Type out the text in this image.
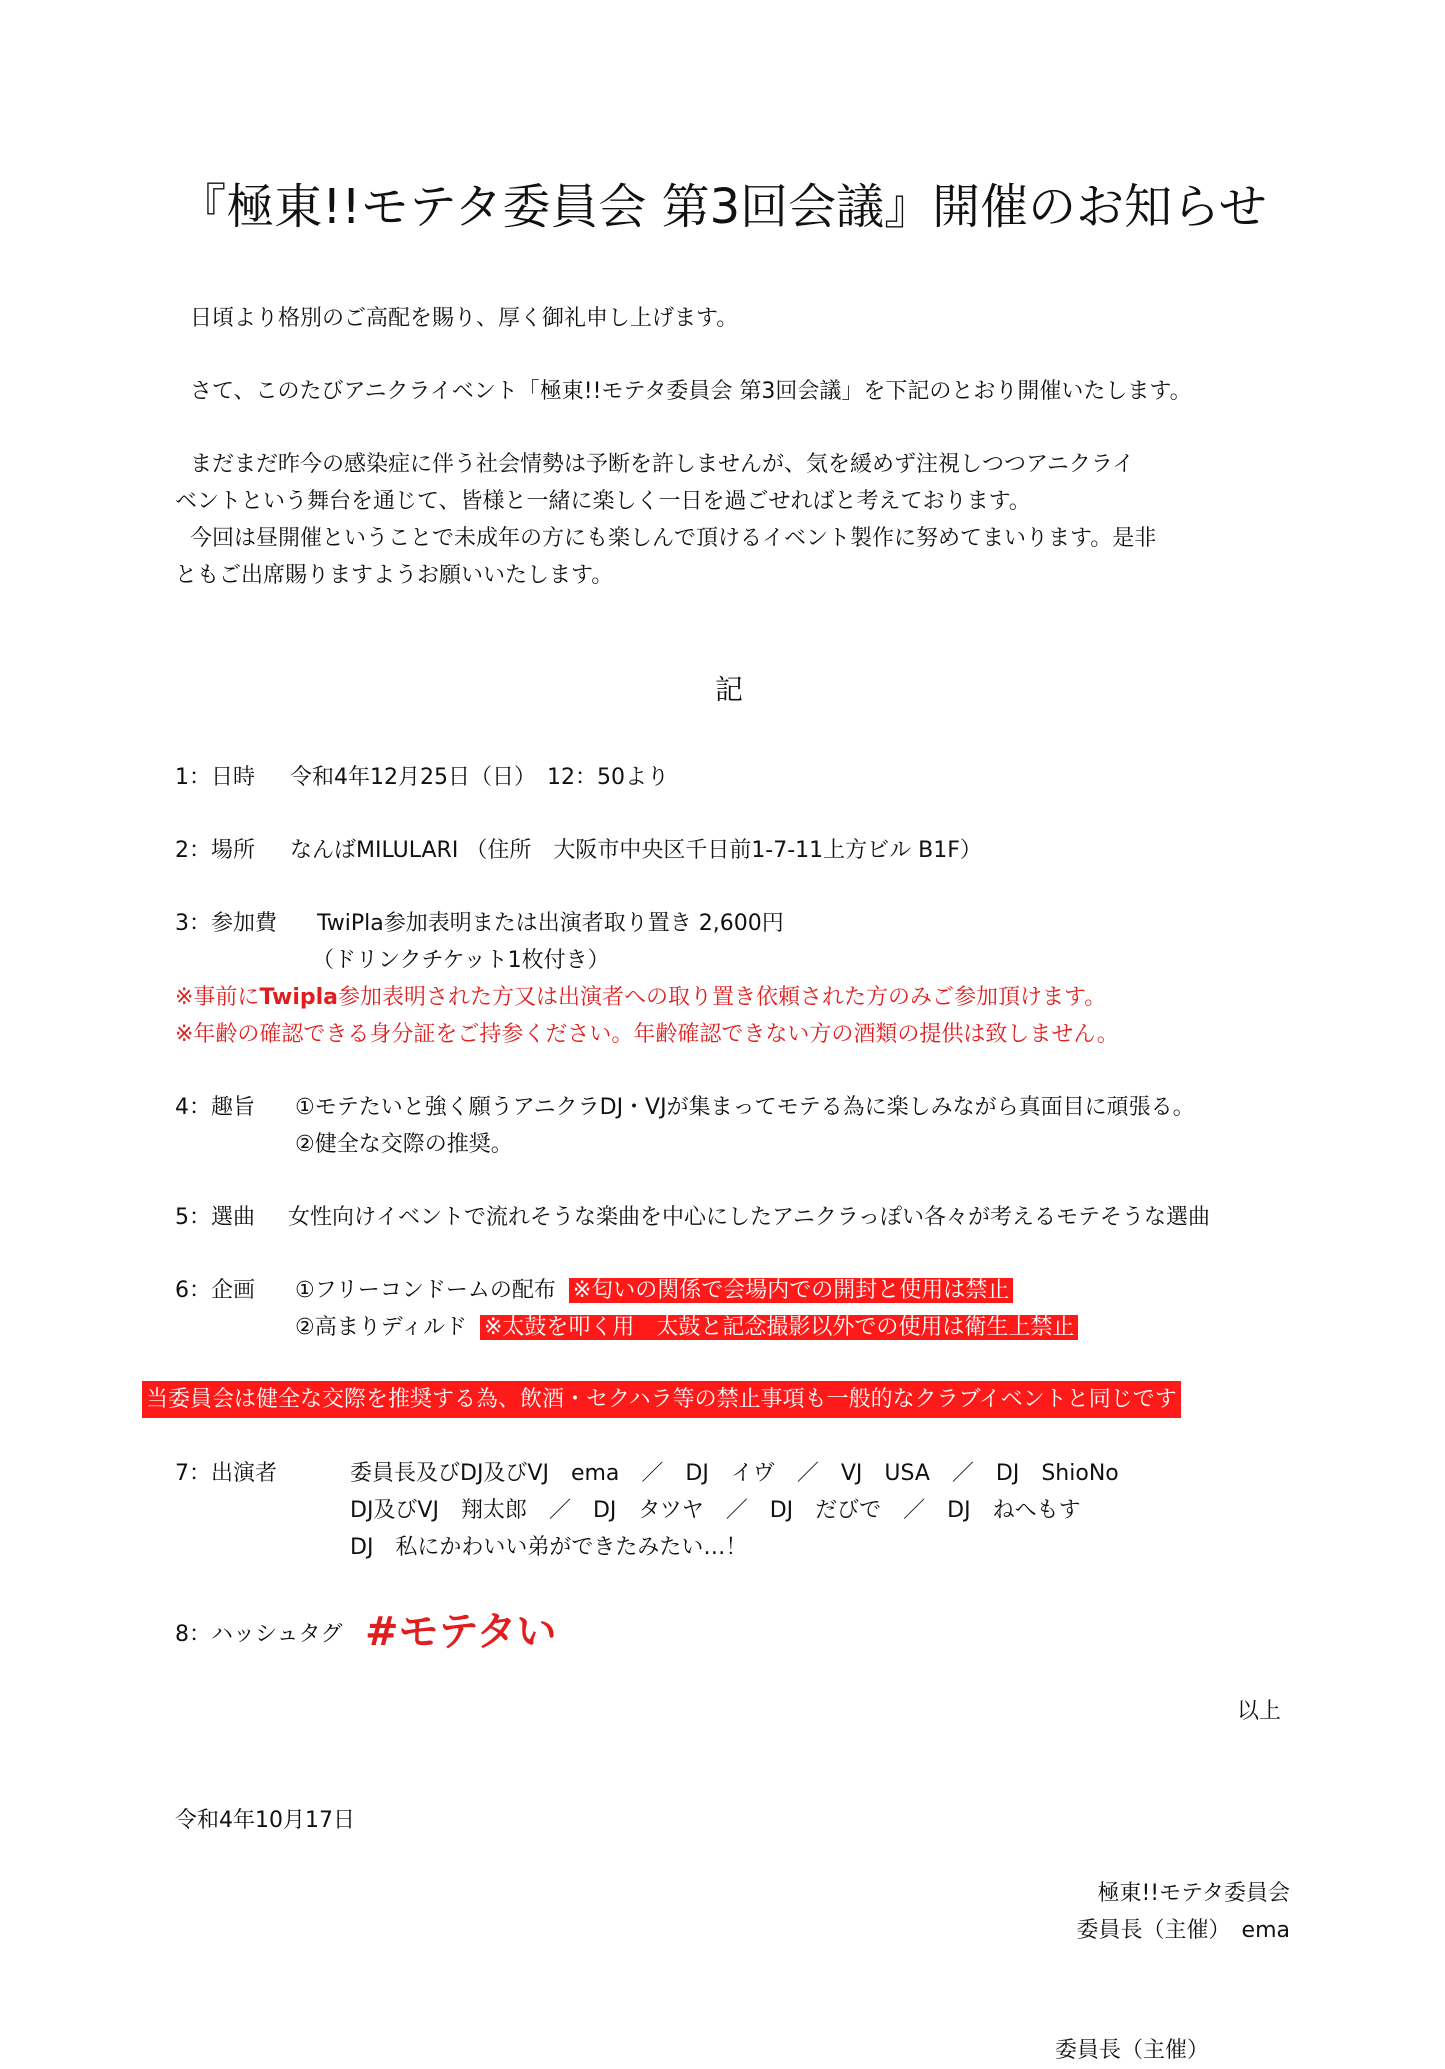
『極東!!モテタ委員会 第3回会議』開催のお知らせ
日頃より格別のご高配を賜り、厚く御礼申し上げます。
さて、このたびアニクライベント「極東!!モテタ委員会 第3回会議」を下記のとおり開催いたします。
まだまだ昨今の感染症に伴う社会情勢は予断を許しませんが、気を緩めず注視しつつアニクライ
ベントという舞台を通じて、皆様と一緒に楽しく一日を過ごせればと考えております。
今回は昼開催ということで未成年の方にも楽しんで頂けるイベント製作に努めてまいります。是非
ともご出席賜りますようお願いいたします。
記
1：日時 令和4年12月25日（日）　12：50より
2：場所 なんばMILULARI （住所　大阪市中央区千日前1-7-11上方ビル B1F）
3：参加費 TwiPla参加表明または出演者取り置き 2,600円
（ドリンクチケット1枚付き）
※事前にTwipla参加表明された方又は出演者への取り置き依頼された方のみご参加頂けます。
※年齢の確認できる身分証をご持参ください。年齢確認できない方の酒類の提供は致しません。
4：趣旨 ①モテたいと強く願うアニクラDJ・VJが集まってモテる為に楽しみながら真面目に頑張る。
②健全な交際の推奨。
5：選曲 女性向けイベントで流れそうな楽曲を中心にしたアニクラっぽい各々が考えるモテそうな選曲
6：企画 ①フリーコンドームの配布 ※匂いの関係で会場内での開封と使用は禁止
②高まりディルド ※太鼓を叩く用　太鼓と記念撮影以外での使用は衛生上禁止
当委員会は健全な交際を推奨する為、飲酒・セクハラ等の禁止事項も一般的なクラブイベントと同じです
7：出演者	委員長及びDJ及びVJ　ema　／　DJ　イヴ　／　VJ　USA　／　DJ　ShioNo
DJ及びVJ　翔太郎　／　DJ　タツヤ　／　DJ　だびで　／　DJ　ねへもす
DJ　私にかわいい弟ができたみたい…！
8：ハッシュタグ #モテタい
以上
令和4年10月17日
極東!!モテタ委員会
委員長（主催）　ema
委員長（主催）
